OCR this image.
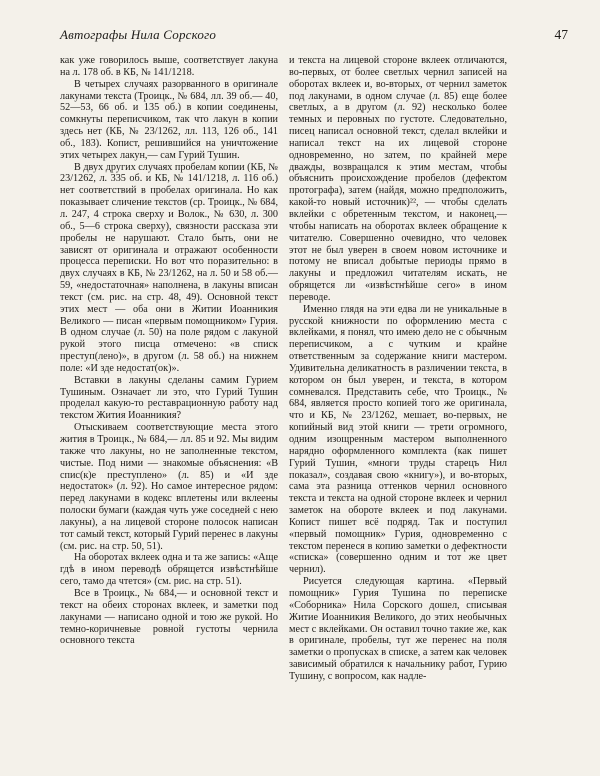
Автографы Нила Сорского	47

как уже говорилось выше, соответствует лакуна на л. 178 об. в КБ, № 141/1218.

В четырех случаях разорванного в оригинале лакунами текста (Троицк., № 684, лл. 39 об.— 40, 52—53, 66 об. и 135 об.) в копии соединены, сомкнуты переписчиком, так что лакун в копии здесь нет (КБ, № 23/1262, лл. 113, 126 об., 141 об., 183). Копист, решившийся на уничтожение этих четырех лакун,— сам Гурий Тушин.

В двух других случаях пробелам копии (КБ, № 23/1262, л. 335 об. и КБ, № 141/1218, л. 116 об.) нет соответствий в пробелах оригинала. Но как показывает сличение текстов (ср. Троицк., № 684, л. 247, 4 строка сверху и Волок., № 630, л. 300 об., 5—6 строка сверху), связности рассказа эти пробелы не нарушают. Стало быть, они не зависят от оригинала и отражают особенности процесса переписки. Но вот что поразительно: в двух случаях в КБ, № 23/1262, на л. 50 и 58 об.— 59, «недостаточная» наполнена, в лакуны вписан текст (см. рис. на стр. 48, 49). Основной текст этих мест — оба они в Житии Иоанникия Великого — писан «первым помощником» Гурия. В одном случае (л. 50) на поле рядом с лакуной рукой этого писца отмечено: «в списк преступ(лено)», в другом (л. 58 об.) на нижнем поле: «И зде недостат(ок)».

Вставки в лакуны сделаны самим Гурием Тушиным. Означает ли это, что Гурий Тушин проделал какую-то реставрационную работу над текстом Жития Иоанникия?

Отыскиваем соответствующие места этого жития в Троицк., № 684,— лл. 85 и 92. Мы видим также что лакуны, но не заполненные текстом, чистые. Под ними — знакомые объяснения: «В спис(к)е преступлено» (л. 85) и «И зде недостаток» (л. 92). Но самое интересное рядом: перед лакунами в кодекс вплетены или вклеены полоски бумаги (каждая чуть уже соседней с нею лакуны), а на лицевой стороне полосок написан тот самый текст, который Гурий перенес в лакуны (см. рис. на стр. 50, 51).

На оборотах вклеек одна и та же запись: «Аще гдѣ в ином переводѣ обрящется извѣстнѣйше сего, тамо да чтется» (см. рис. на стр. 51).

Все в Троицк., № 684,— и основной текст и текст на обеих сторонах вклеек, и заметки под лакунами — написано одной и тою же рукой. Но темно-коричневые ровной густоты чернила основного текста

и текста на лицевой стороне вклеек отличаются, во-первых, от более светлых чернил записей на оборотах вклеек и, во-вторых, от чернил заметок под лакунами, в одном случае (л. 85) еще более светлых, а в другом (л. 92) несколько более темных и перовных по густоте. Следовательно, писец написал основной текст, сделал вклейки и написал текст на их лицевой стороне одновременно, но затем, по крайней мере дважды, возвращался к этим местам, чтобы объяснить происхождение пробелов (дефектом протографа), затем (найдя, можно предположить, какой-то новый источник)²², — чтобы сделать вклейки с обретенным текстом, и наконец,— чтобы написать на оборотах вклеек обращение к читателю. Совершенно очевидно, что человек этот не был уверен в своем новом источнике и потому не вписал добытые периоды прямо в лакуны и предложил читателям искать, не обрящется ли «извѣстнѣйше сего» в ином переводе.

Именно глядя на эти едва ли не уникальные в русской книжности по оформлению места с вклейками, я понял, что имею дело не с обычным переписчиком, а с чутким и крайне ответственным за содержание книги мастером. Удивительна деликатность в различении текста, в котором он был уверен, и текста, в котором сомневался. Представить себе, что Троицк., № 684, является просто копией того же оригинала, что и КБ, № 23/1262, мешает, во-первых, не копийный вид этой книги — трети огромного, одним изощренным мастером выполненного нарядно оформленного комплекта (как пишет Гурий Тушин, «многи труды старецъ Нил показал», создавая свою «книгу»), и во-вторых, сама эта разница оттенков чернил основного текста и текста на одной стороне вклеек и чернил заметок на обороте вклеек и под лакунами. Копист пишет всё подряд. Так и поступил «первый помощник» Гурия, одновременно с текстом перенеся в копию заметки о дефектности «списка» (совершенно одним и тот же цвет чернил).

Рисуется следующая картина. «Первый помощник» Гурия Тушина по переписке «Соборника» Нила Сорского дошел, списывая Житие Иоанникия Великого, до этих необычных мест с вклейками. Он оставил точно такие же, как в оригинале, пробелы, тут же перенес на поля заметки о пропусках в списке, а затем как человек зависимый обратился к начальнику работ, Гурию Тушину, с вопросом, как надле-
